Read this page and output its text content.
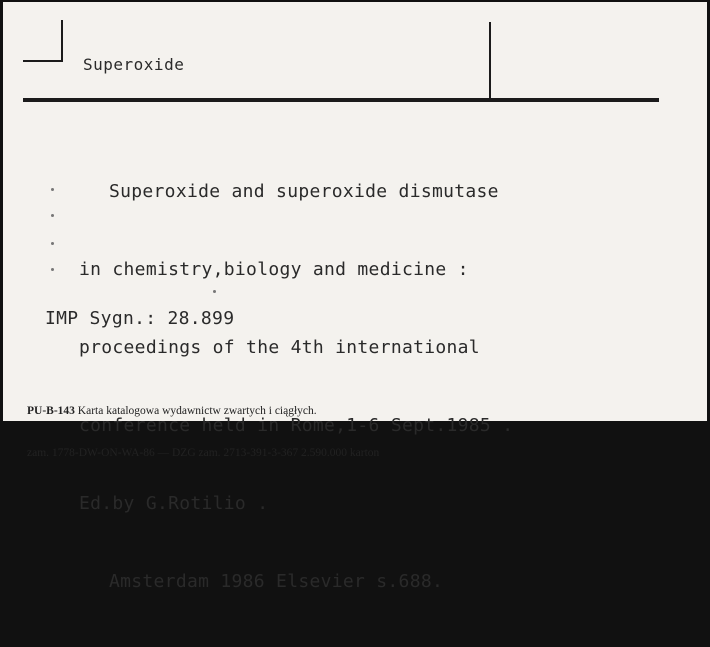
Superoxide

Superoxide and superoxide dismutase

in chemistry,biology and medicine :

proceedings of the 4th international

conference held in Rome,1-6 Sept.1985 .

Ed.by G.Rotilio .

Amsterdam 1986 Elsevier s.688.

IMP Sygn.: 28.899

PU-B-143 Karta katalogowa wydawnictw zwartych i ciągłych.

zam. 1778-DW-ON-WA-86 — DZG zam. 2713-391-3-367 2.590.000 karton
